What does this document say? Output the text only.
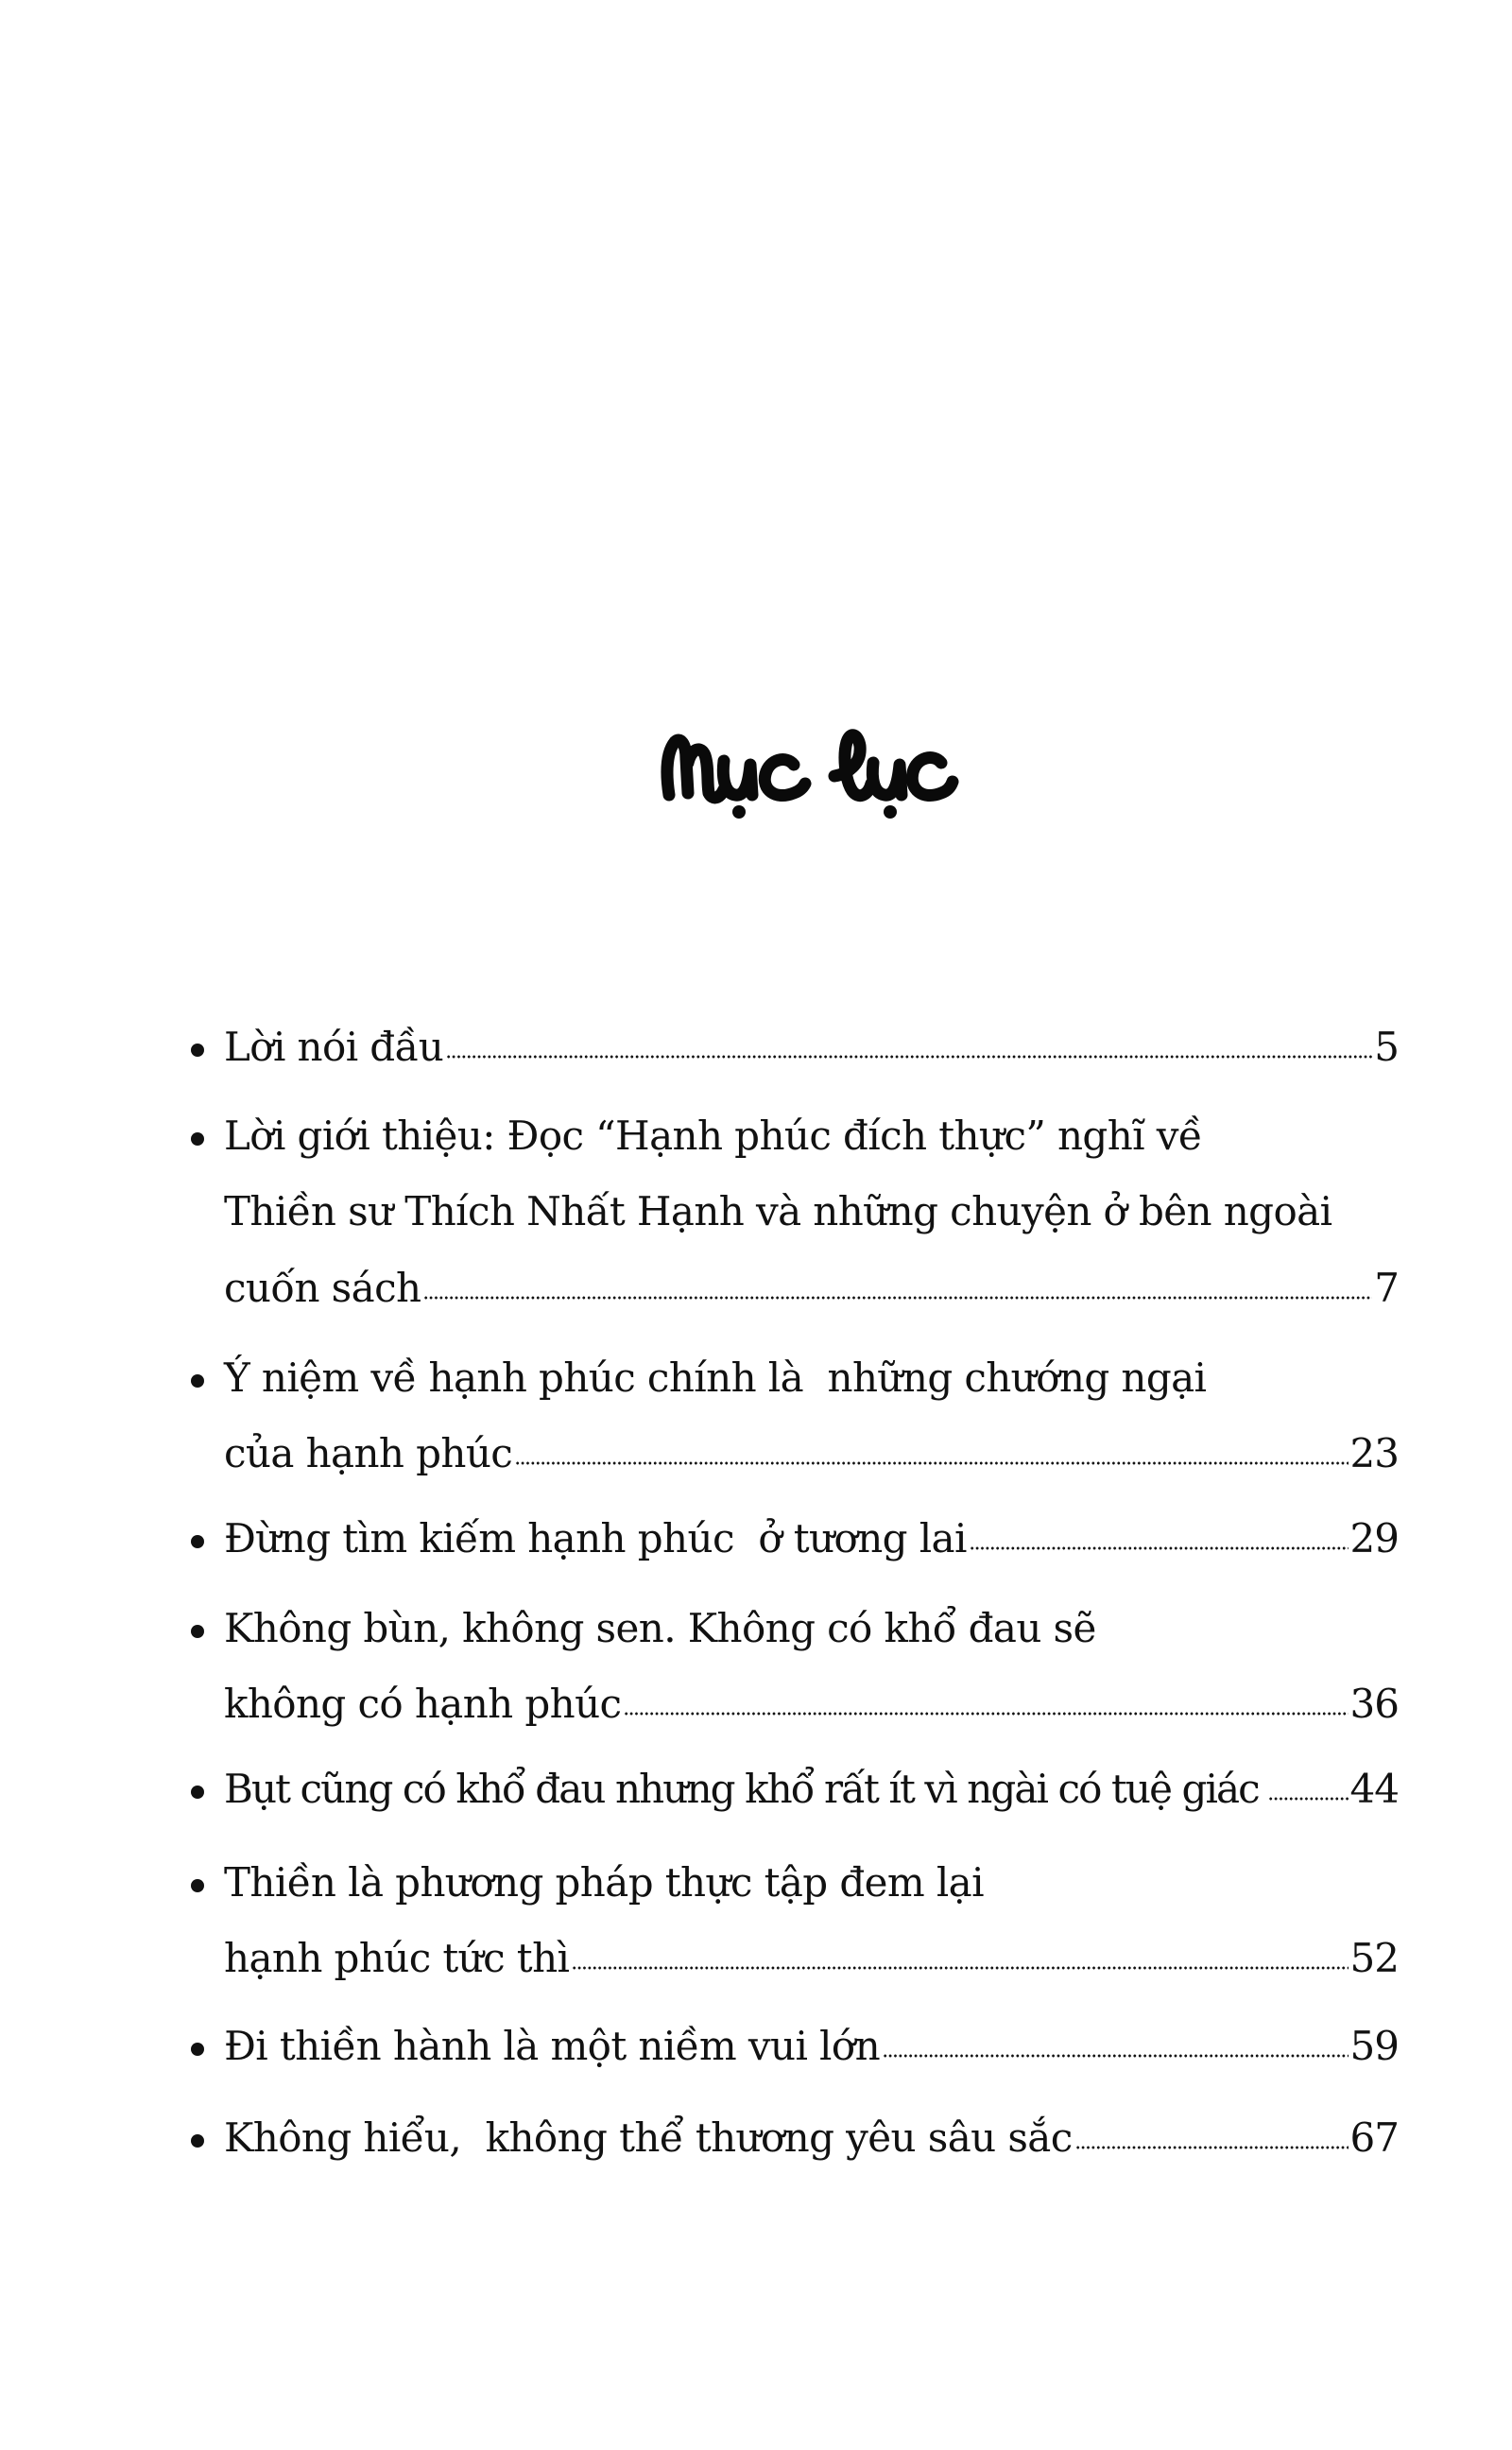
Lời nói đầu	5
Lời giới thiệu: Đọc “Hạnh phúc đích thực” nghĩ về
Thiền sư Thích Nhất Hạnh và những chuyện ở bên ngoài
cuốn sách	7
Ý niệm về hạnh phúc chính là  những chướng ngại
của hạnh phúc	23
Đừng tìm kiếm hạnh phúc  ở tương lai	29
Không bùn, không sen. Không có khổ đau sẽ
không có hạnh phúc	36
Bụt cũng có khổ đau nhưng khổ rất ít vì ngài có tuệ giác 44
Thiền là phương pháp thực tập đem lại
hạnh phúc tức thì	52
Đi thiền hành là một niềm vui lớn	59
Không hiểu,  không thể thương yêu sâu sắc	67
